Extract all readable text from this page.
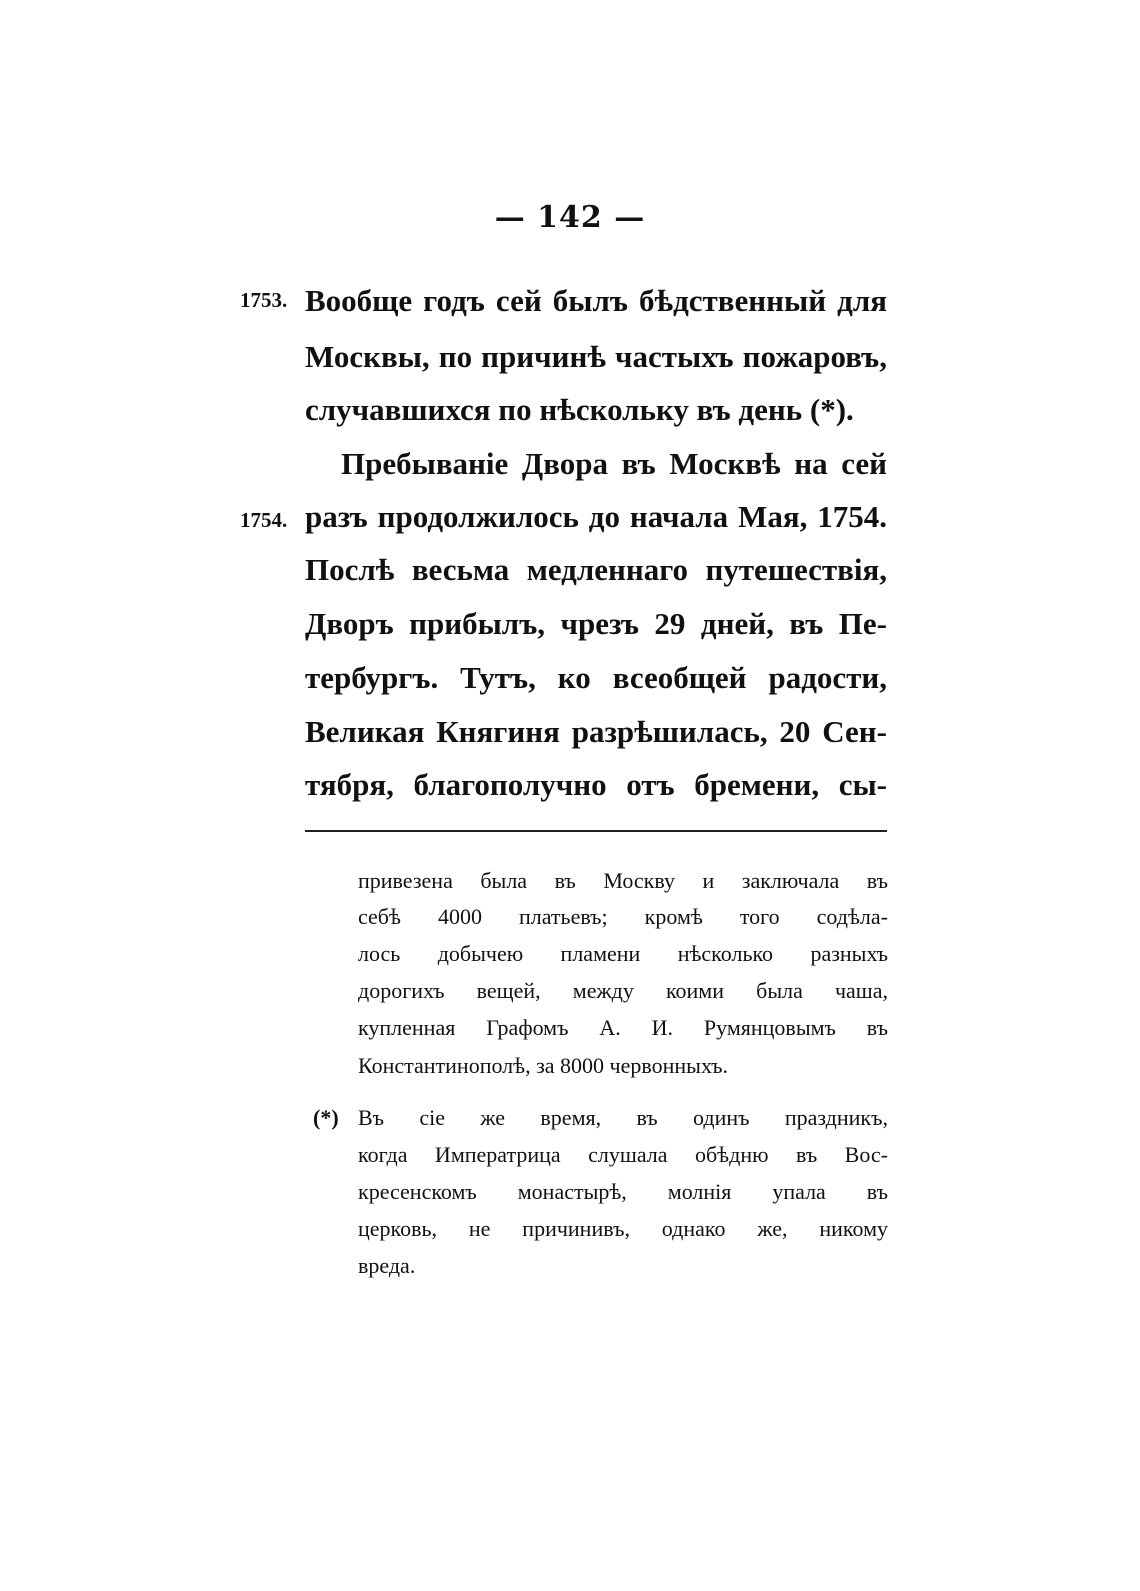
— 142 —
1753.
1754.
Вообще годъ сей былъ бѣдственный для
Москвы, по причинѣ частыхъ пожаровъ,
случавшихся по нѣскольку въ день (*).
Пребываніе Двора въ Москвѣ на сей
разъ продолжилось до начала Мая, 1754.
Послѣ весьма медленнаго путешествія,
Дворъ прибылъ, чрезъ 29 дней, въ Пе-
тербургъ. Тутъ, ко всеобщей радости,
Великая Княгиня разрѣшилась, 20 Сен-
тября, благополучно отъ бремени, сы-
привезена была въ Москву и заключала въ
себѣ 4000 платьевъ; кромѣ того содѣла-
лось добычею пламени нѣсколько разныхъ
дорогихъ вещей, между коими была чаша,
купленная Графомъ А. И. Румянцовымъ въ
Константинополѣ, за 8000 червонныхъ.
(*) Въ сіе же время, въ одинъ праздникъ,
когда Императрица слушала обѣдню въ Вос-
кресенскомъ монастырѣ, молнія упала въ
церковь, не причинивъ, однако же, никому
вреда.
